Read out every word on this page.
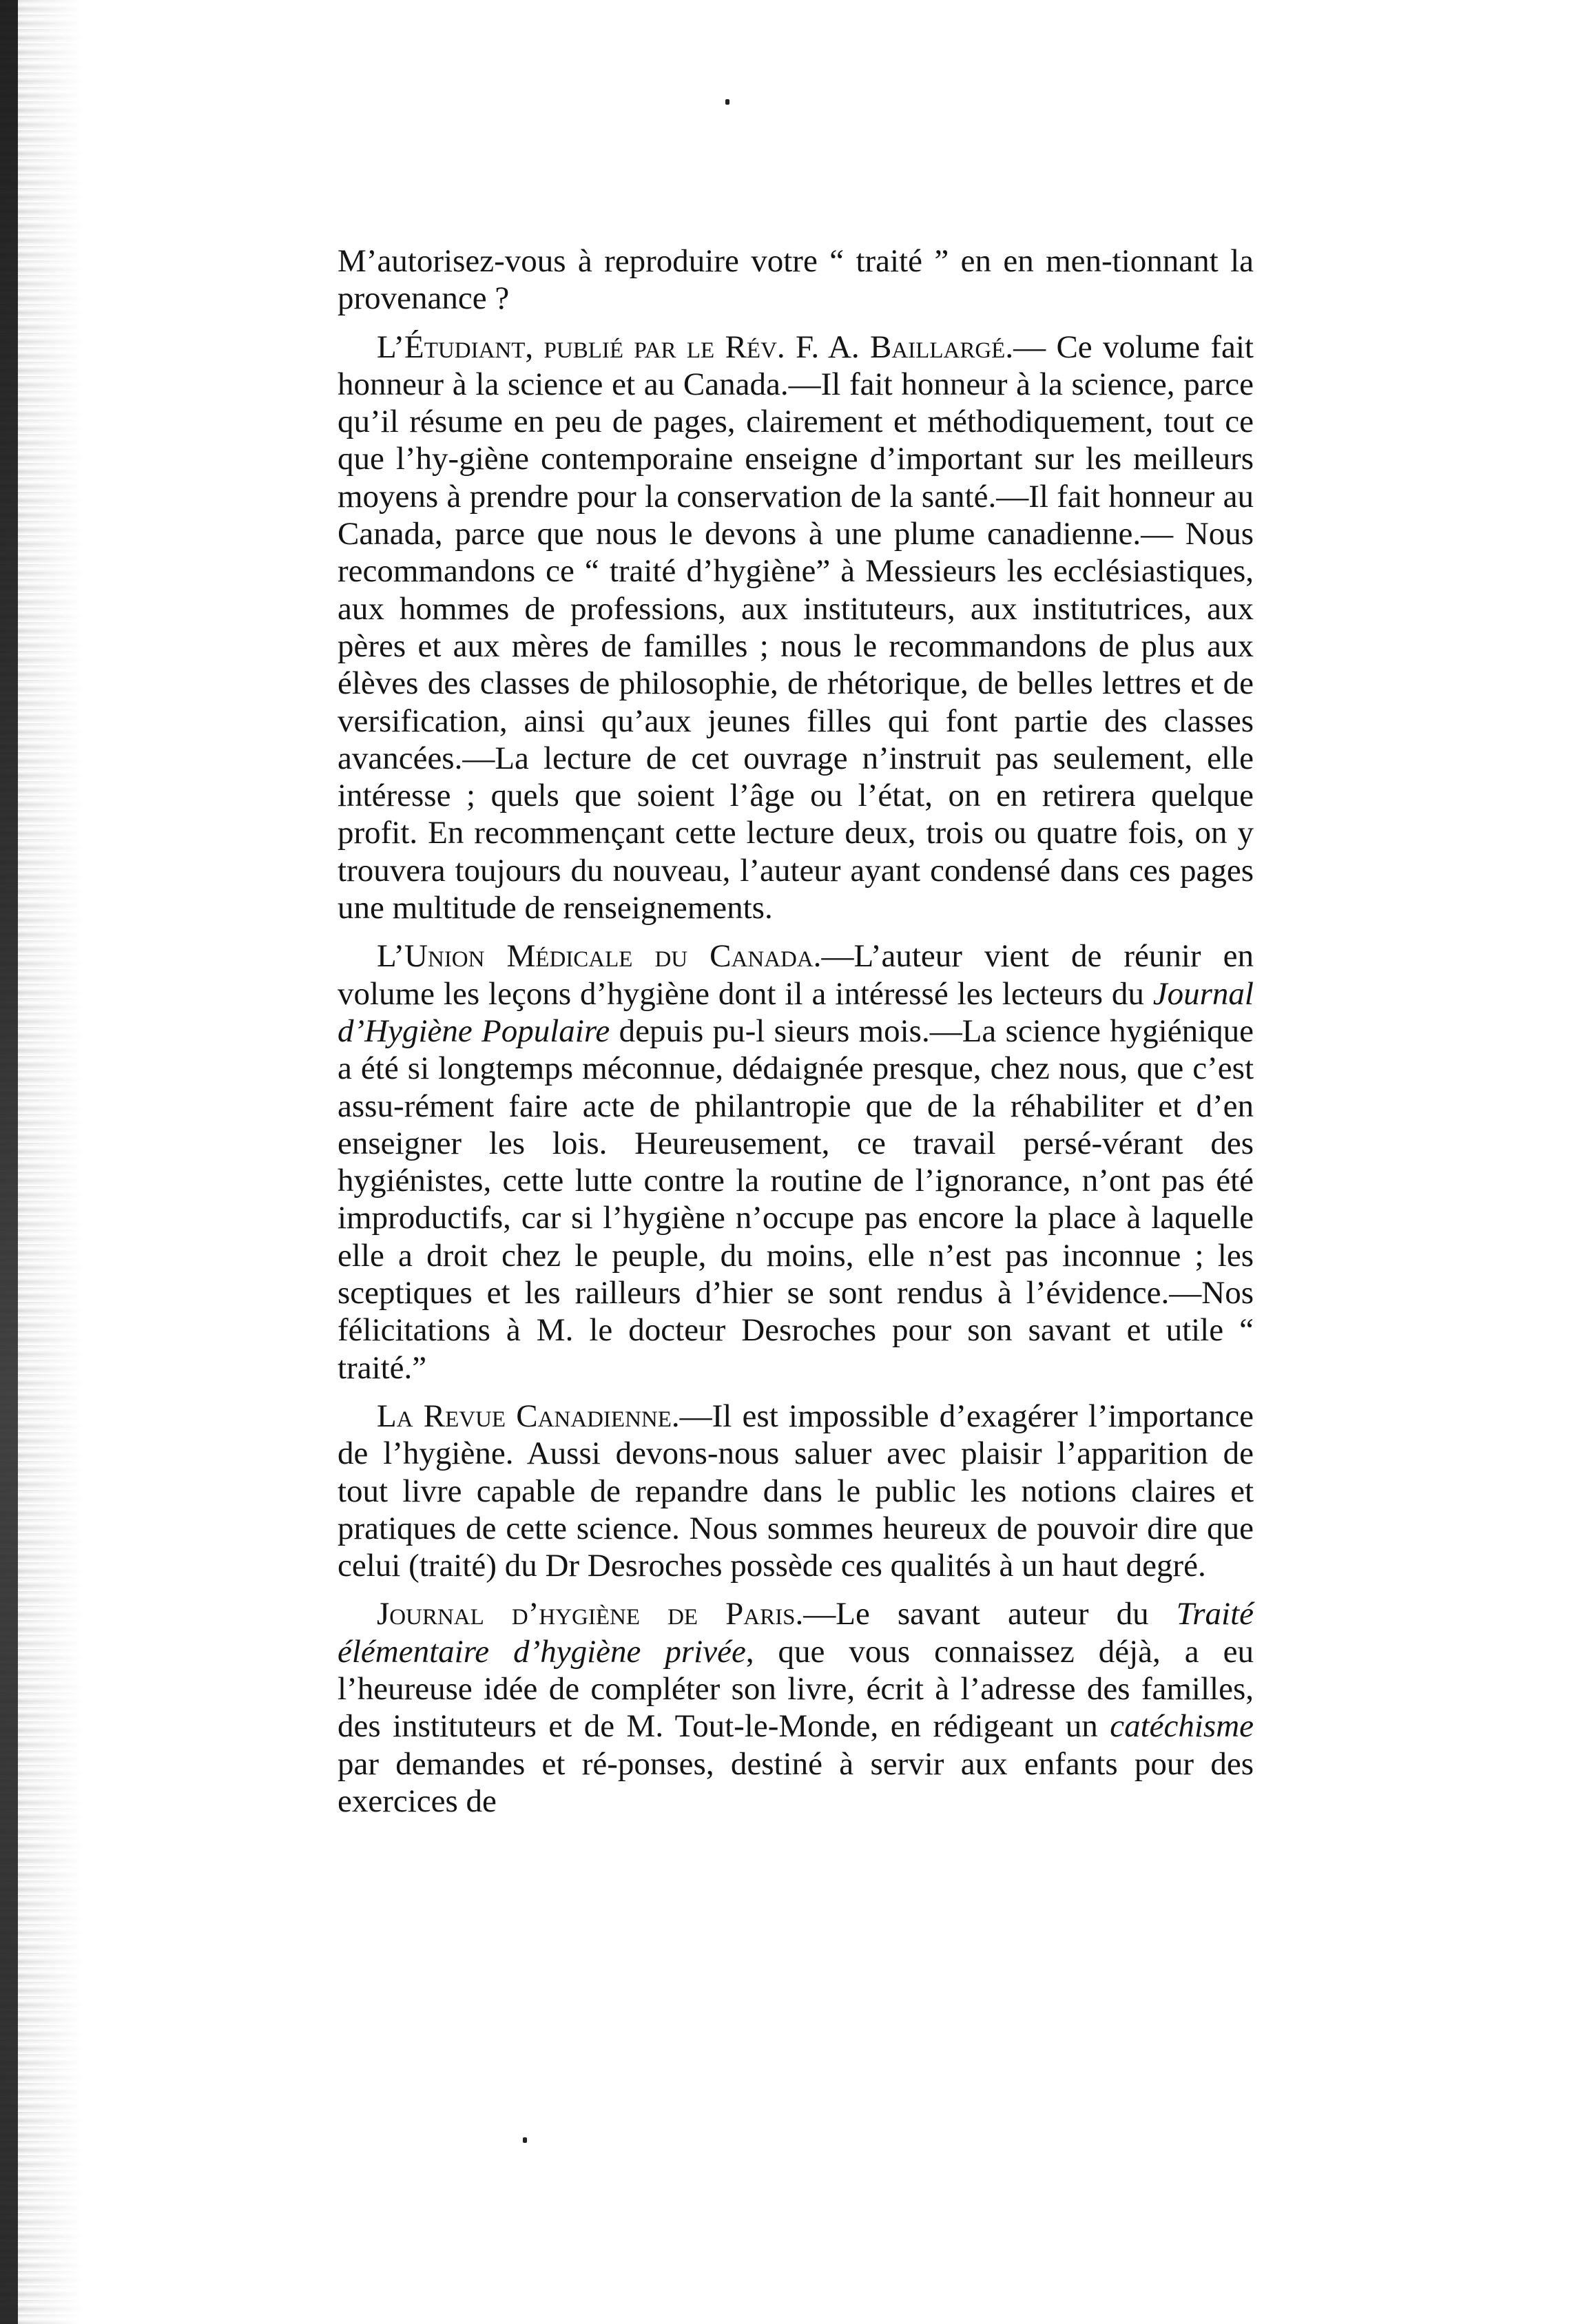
M’autorisez-vous à reproduire votre “ traité ” en en men-tionnant la provenance ?

L’Étudiant, publié par le Rév. F. A. Baillargé.— Ce volume fait honneur à la science et au Canada.—Il fait honneur à la science, parce qu’il résume en peu de pages, clairement et méthodiquement, tout ce que l’hy-giène contemporaine enseigne d’important sur les meilleurs moyens à prendre pour la conservation de la santé.—Il fait honneur au Canada, parce que nous le devons à une plume canadienne.— Nous recommandons ce “ traité d’hygiène” à Messieurs les ecclésiastiques, aux hommes de professions, aux instituteurs, aux institutrices, aux pères et aux mères de familles ; nous le recommandons de plus aux élèves des classes de philosophie, de rhétorique, de belles lettres et de versification, ainsi qu’aux jeunes filles qui font partie des classes avancées.—La lecture de cet ouvrage n’instruit pas seulement, elle intéresse ; quels que soient l’âge ou l’état, on en retirera quelque profit. En recommençant cette lecture deux, trois ou quatre fois, on y trouvera toujours du nouveau, l’auteur ayant condensé dans ces pages une multitude de renseignements.

L’Union Médicale du Canada.—L’auteur vient de réunir en volume les leçons d’hygiène dont il a intéressé les lecteurs du Journal d’Hygiène Populaire depuis pu-l sieurs mois.—La science hygiénique a été si longtemps méconnue, dédaignée presque, chez nous, que c’est assu-rément faire acte de philantropie que de la réhabiliter et d’en enseigner les lois. Heureusement, ce travail persé-vérant des hygiénistes, cette lutte contre la routine de l’ignorance, n’ont pas été improductifs, car si l’hygiène n’occupe pas encore la place à laquelle elle a droit chez le peuple, du moins, elle n’est pas inconnue ; les sceptiques et les railleurs d’hier se sont rendus à l’évidence.—Nos félicitations à M. le docteur Desroches pour son savant et utile “ traité.”

La Revue Canadienne.—Il est impossible d’exagérer l’importance de l’hygiène. Aussi devons-nous saluer avec plaisir l’apparition de tout livre capable de repandre dans le public les notions claires et pratiques de cette science. Nous sommes heureux de pouvoir dire que celui (traité) du Dr Desroches possède ces qualités à un haut degré.

Journal d’hygiène de Paris.—Le savant auteur du Traité élémentaire d’hygiène privée, que vous connaissez déjà, a eu l’heureuse idée de compléter son livre, écrit à l’adresse des familles, des instituteurs et de M. Tout-le-Monde, en rédigeant un catéchisme par demandes et ré-ponses, destiné à servir aux enfants pour des exercices de
